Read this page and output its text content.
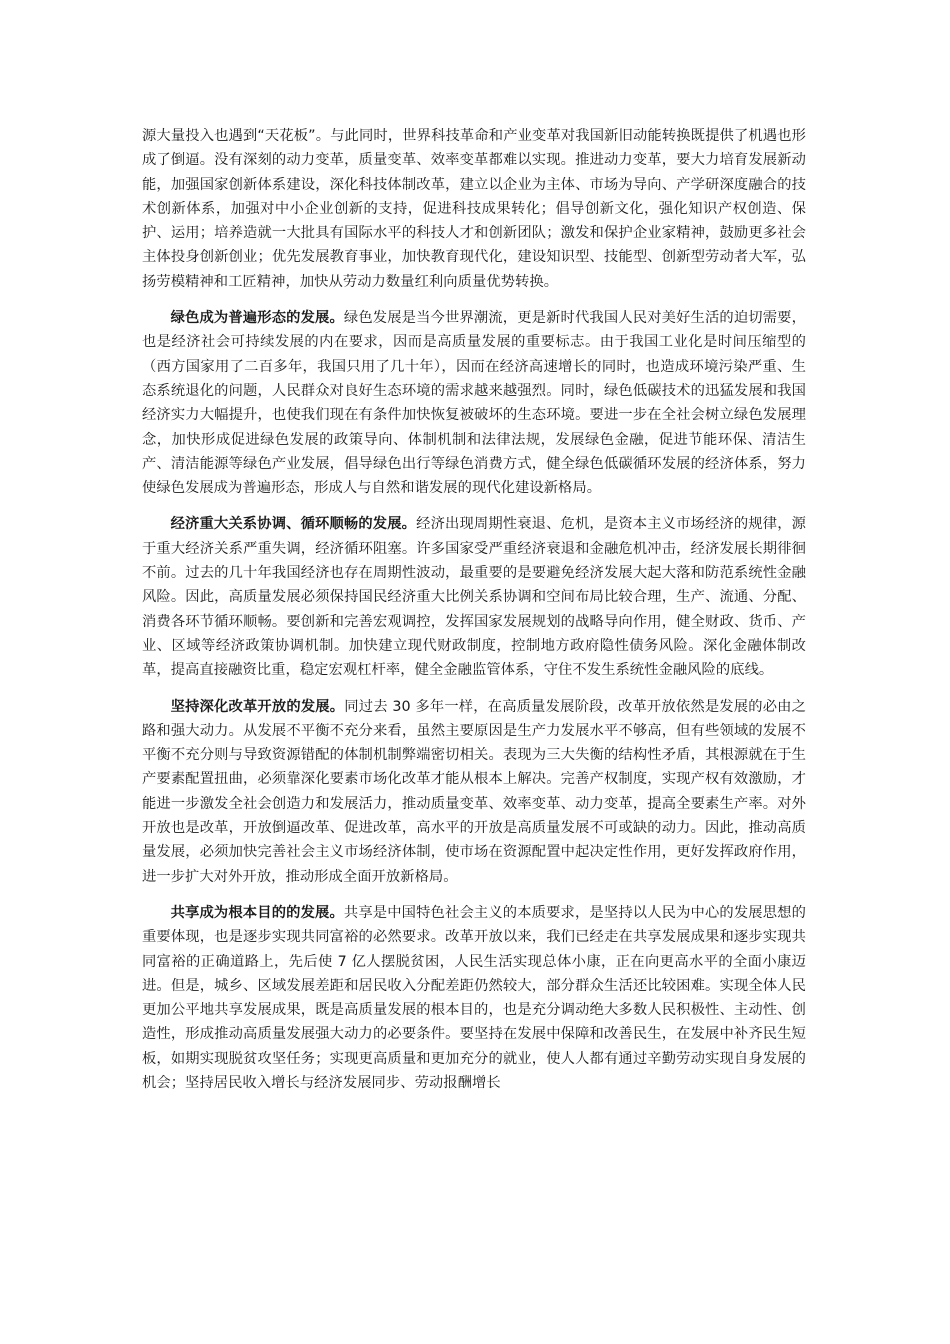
源大量投入也遇到“天花板”。与此同时，世界科技革命和产业变革对我国新旧动能转换既提供了机遇也形成了倒逼。没有深刻的动力变革，质量变革、效率变革都难以实现。推进动力变革，要大力培育发展新动能，加强国家创新体系建设，深化科技体制改革，建立以企业为主体、市场为导向、产学研深度融合的技术创新体系，加强对中小企业创新的支持，促进科技成果转化；倡导创新文化，强化知识产权创造、保护、运用；培养造就一大批具有国际水平的科技人才和创新团队；激发和保护企业家精神，鼓励更多社会主体投身创新创业；优先发展教育事业，加快教育现代化，建设知识型、技能型、创新型劳动者大军，弘扬劳模精神和工匠精神，加快从劳动力数量红利向质量优势转换。

绿色成为普遍形态的发展。绿色发展是当今世界潮流，更是新时代我国人民对美好生活的迫切需要，也是经济社会可持续发展的内在要求，因而是高质量发展的重要标志。由于我国工业化是时间压缩型的（西方国家用了二百多年，我国只用了几十年），因而在经济高速增长的同时，也造成环境污染严重、生态系统退化的问题，人民群众对良好生态环境的需求越来越强烈。同时，绿色低碳技术的迅猛发展和我国经济实力大幅提升，也使我们现在有条件加快恢复被破坏的生态环境。要进一步在全社会树立绿色发展理念，加快形成促进绿色发展的政策导向、体制机制和法律法规，发展绿色金融，促进节能环保、清洁生产、清洁能源等绿色产业发展，倡导绿色出行等绿色消费方式，健全绿色低碳循环发展的经济体系，努力使绿色发展成为普遍形态，形成人与自然和谐发展的现代化建设新格局。

经济重大关系协调、循环顺畅的发展。经济出现周期性衰退、危机，是资本主义市场经济的规律，源于重大经济关系严重失调，经济循环阻塞。许多国家受严重经济衰退和金融危机冲击，经济发展长期徘徊不前。过去的几十年我国经济也存在周期性波动，最重要的是要避免经济发展大起大落和防范系统性金融风险。因此，高质量发展必须保持国民经济重大比例关系协调和空间布局比较合理，生产、流通、分配、消费各环节循环顺畅。要创新和完善宏观调控，发挥国家发展规划的战略导向作用，健全财政、货币、产业、区域等经济政策协调机制。加快建立现代财政制度，控制地方政府隐性债务风险。深化金融体制改革，提高直接融资比重，稳定宏观杠杆率，健全金融监管体系，守住不发生系统性金融风险的底线。

坚持深化改革开放的发展。同过去 30 多年一样，在高质量发展阶段，改革开放依然是发展的必由之路和强大动力。从发展不平衡不充分来看，虽然主要原因是生产力发展水平不够高，但有些领域的发展不平衡不充分则与导致资源错配的体制机制弊端密切相关。表现为三大失衡的结构性矛盾，其根源就在于生产要素配置扭曲，必须靠深化要素市场化改革才能从根本上解决。完善产权制度，实现产权有效激励，才能进一步激发全社会创造力和发展活力，推动质量变革、效率变革、动力变革，提高全要素生产率。对外开放也是改革，开放倒逼改革、促进改革，高水平的开放是高质量发展不可或缺的动力。因此，推动高质量发展，必须加快完善社会主义市场经济体制，使市场在资源配置中起决定性作用，更好发挥政府作用，进一步扩大对外开放，推动形成全面开放新格局。

共享成为根本目的的发展。共享是中国特色社会主义的本质要求，是坚持以人民为中心的发展思想的重要体现，也是逐步实现共同富裕的必然要求。改革开放以来，我们已经走在共享发展成果和逐步实现共同富裕的正确道路上，先后使 7 亿人摆脱贫困，人民生活实现总体小康，正在向更高水平的全面小康迈进。但是，城乡、区域发展差距和居民收入分配差距仍然较大，部分群众生活还比较困难。实现全体人民更加公平地共享发展成果，既是高质量发展的根本目的，也是充分调动绝大多数人民积极性、主动性、创造性，形成推动高质量发展强大动力的必要条件。要坚持在发展中保障和改善民生，在发展中补齐民生短板，如期实现脱贫攻坚任务；实现更高质量和更加充分的就业，使人人都有通过辛勤劳动实现自身发展的机会；坚持居民收入增长与经济发展同步、劳动报酬增长
